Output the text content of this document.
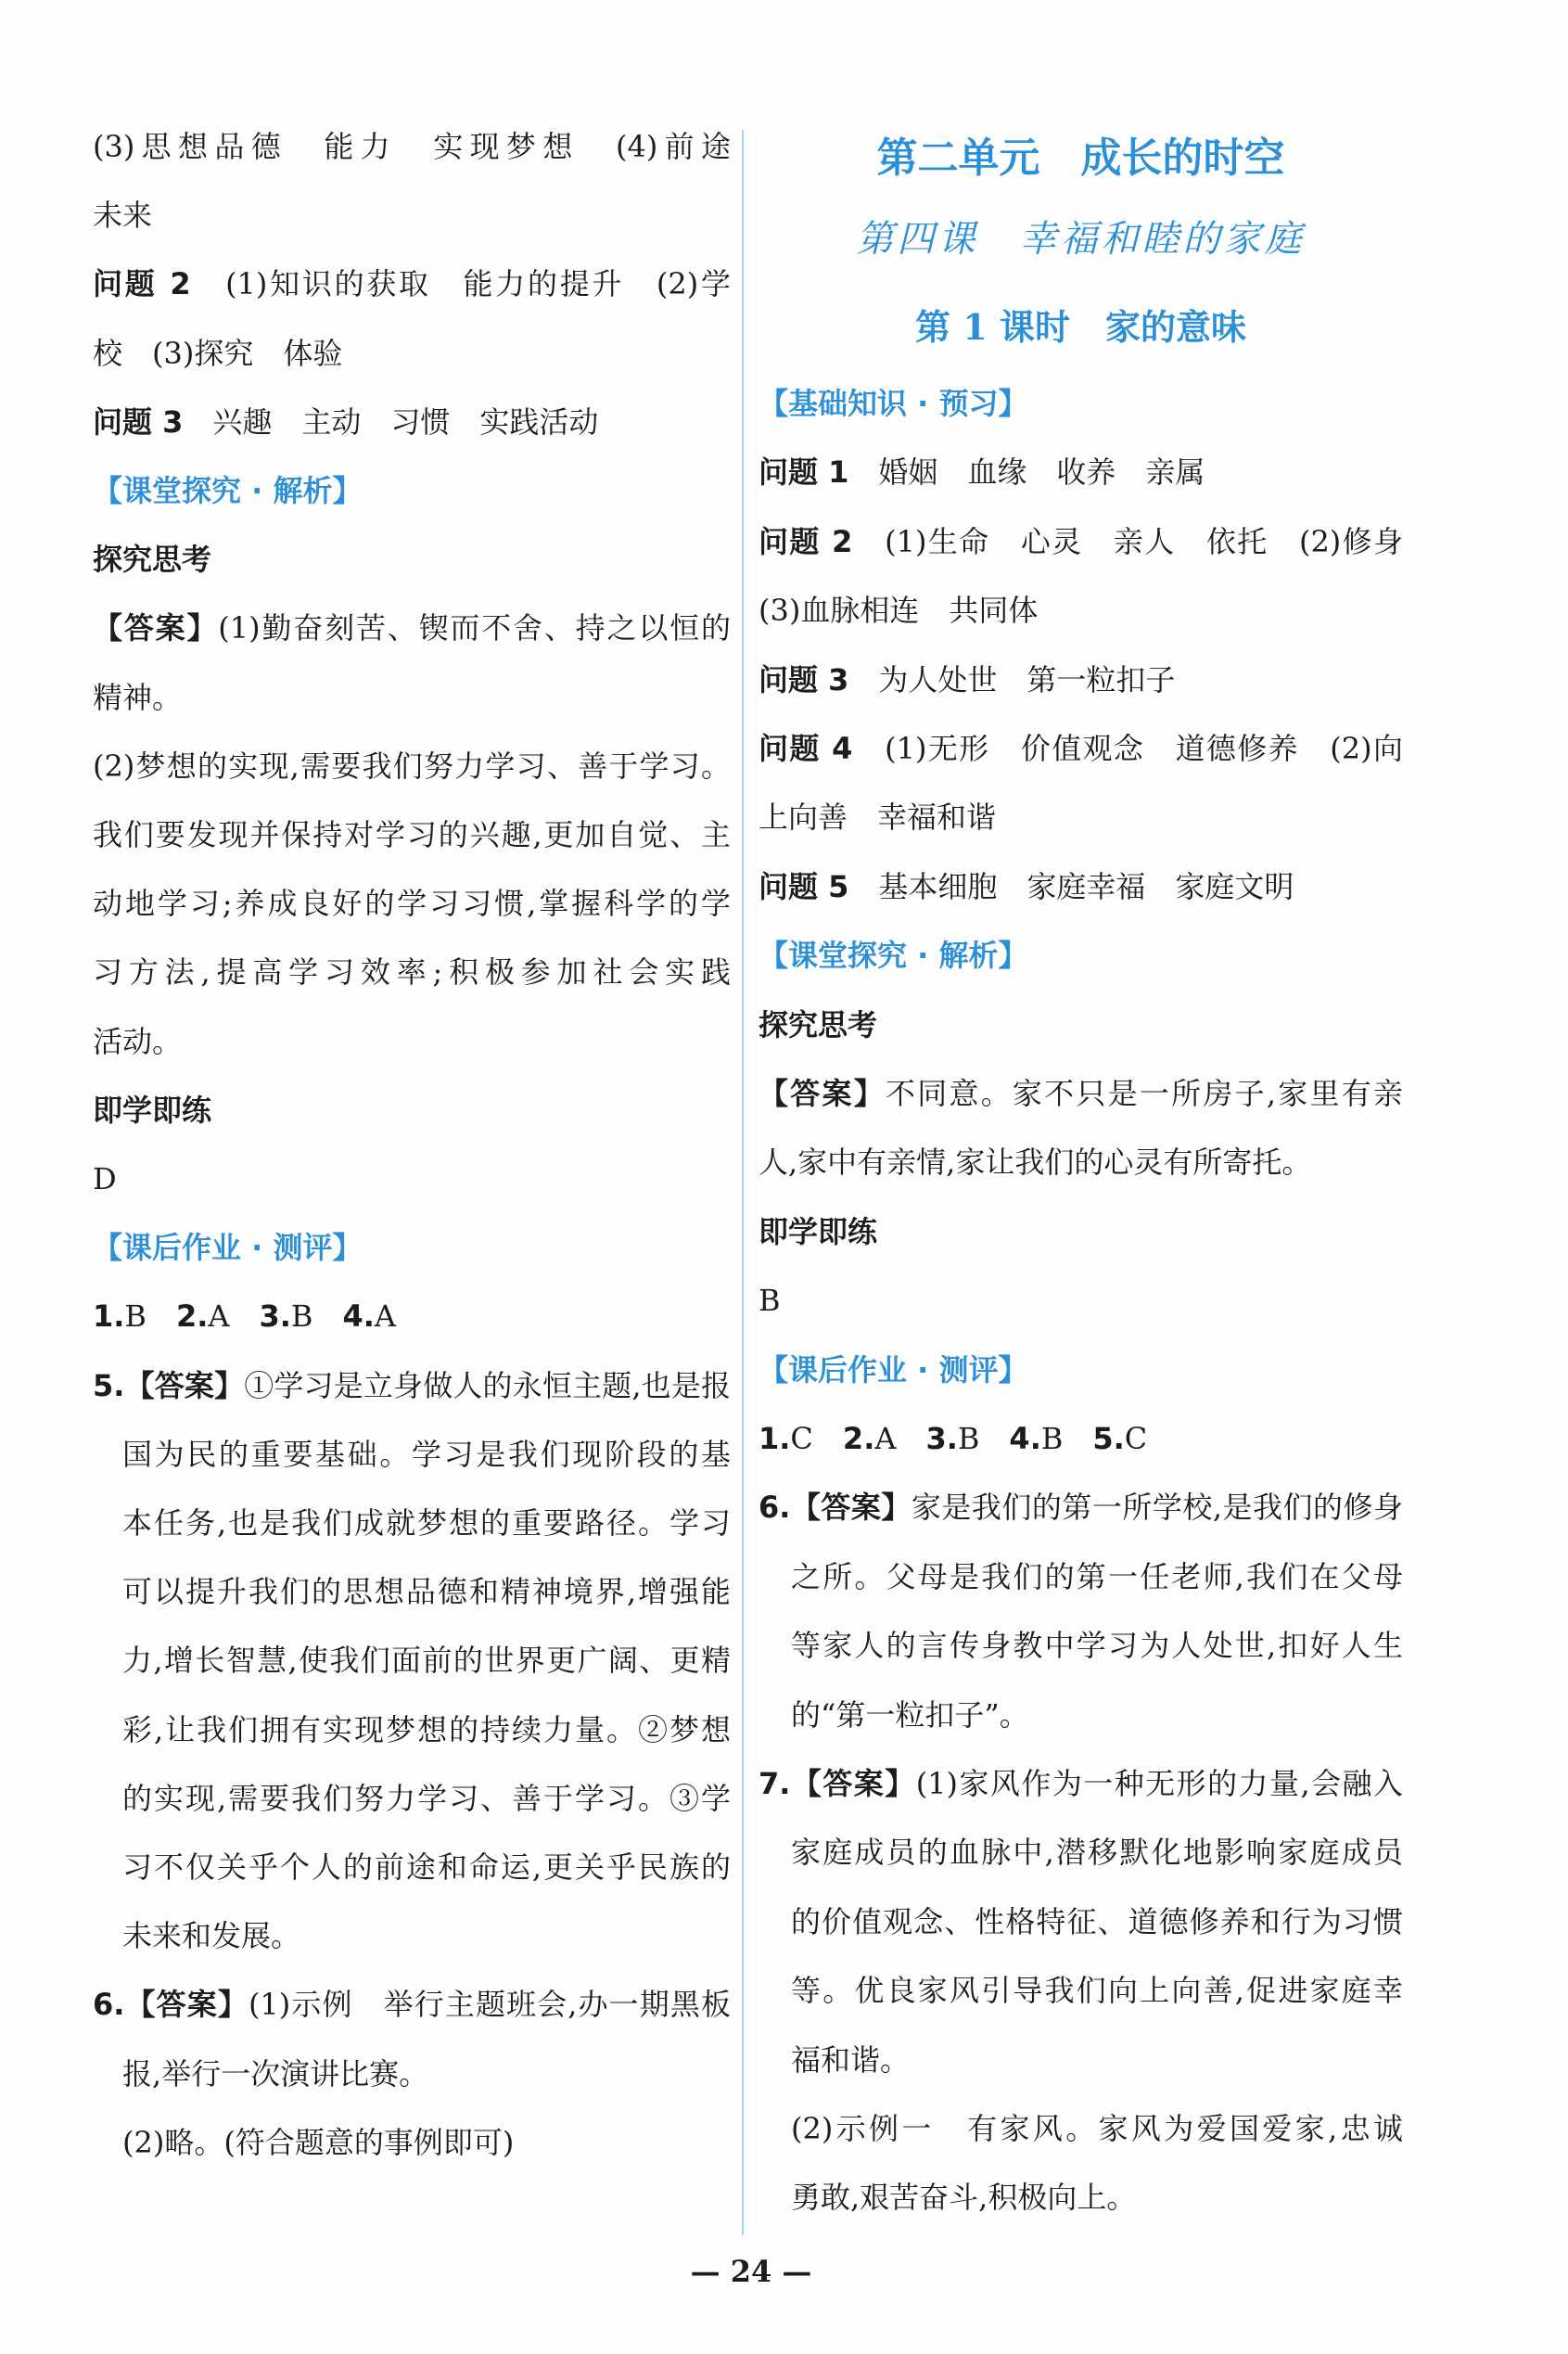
第二单元　成长的时空
第四课　幸福和睦的家庭
第 1 课时　家的意味
(3)思想品德　能力　实现梦想　(4)前途
未来
问题 2　(1)知识的获取　能力的提升　(2)学
校　(3)探究　体验
问题 3　兴趣　主动　习惯　实践活动
【课堂探究 · 解析】
探究思考
【答案】(1)勤奋刻苦、锲而不舍、持之以恒的
精神。
(2)梦想的实现,需要我们努力学习、善于学习。
我们要发现并保持对学习的兴趣,更加自觉、主
动地学习;养成良好的学习习惯,掌握科学的学
习方法,提高学习效率;积极参加社会实践
活动。
即学即练
D
【课后作业 · 测评】
1.B　2.A　3.B　4.A
5.【答案】①学习是立身做人的永恒主题,也是报
国为民的重要基础。学习是我们现阶段的基
本任务,也是我们成就梦想的重要路径。学习
可以提升我们的思想品德和精神境界,增强能
力,增长智慧,使我们面前的世界更广阔、更精
彩,让我们拥有实现梦想的持续力量。②梦想
的实现,需要我们努力学习、善于学习。③学
习不仅关乎个人的前途和命运,更关乎民族的
未来和发展。
6.【答案】(1)示例　举行主题班会,办一期黑板
报,举行一次演讲比赛。
(2)略。(符合题意的事例即可)
【基础知识 · 预习】
问题 1　婚姻　血缘　收养　亲属
问题 2　(1)生命　心灵　亲人　依托　(2)修身
(3)血脉相连　共同体
问题 3　为人处世　第一粒扣子
问题 4　(1)无形　价值观念　道德修养　(2)向
上向善　幸福和谐
问题 5　基本细胞　家庭幸福　家庭文明
【课堂探究 · 解析】
探究思考
【答案】不同意。家不只是一所房子,家里有亲
人,家中有亲情,家让我们的心灵有所寄托。
即学即练
B
【课后作业 · 测评】
1.C　2.A　3.B　4.B　5.C
6.【答案】家是我们的第一所学校,是我们的修身
之所。父母是我们的第一任老师,我们在父母
等家人的言传身教中学习为人处世,扣好人生
的“第一粒扣子”。
7.【答案】(1)家风作为一种无形的力量,会融入
家庭成员的血脉中,潜移默化地影响家庭成员
的价值观念、性格特征、道德修养和行为习惯
等。优良家风引导我们向上向善,促进家庭幸
福和谐。
(2)示例一　有家风。家风为爱国爱家,忠诚
勇敢,艰苦奋斗,积极向上。
— 24 —
